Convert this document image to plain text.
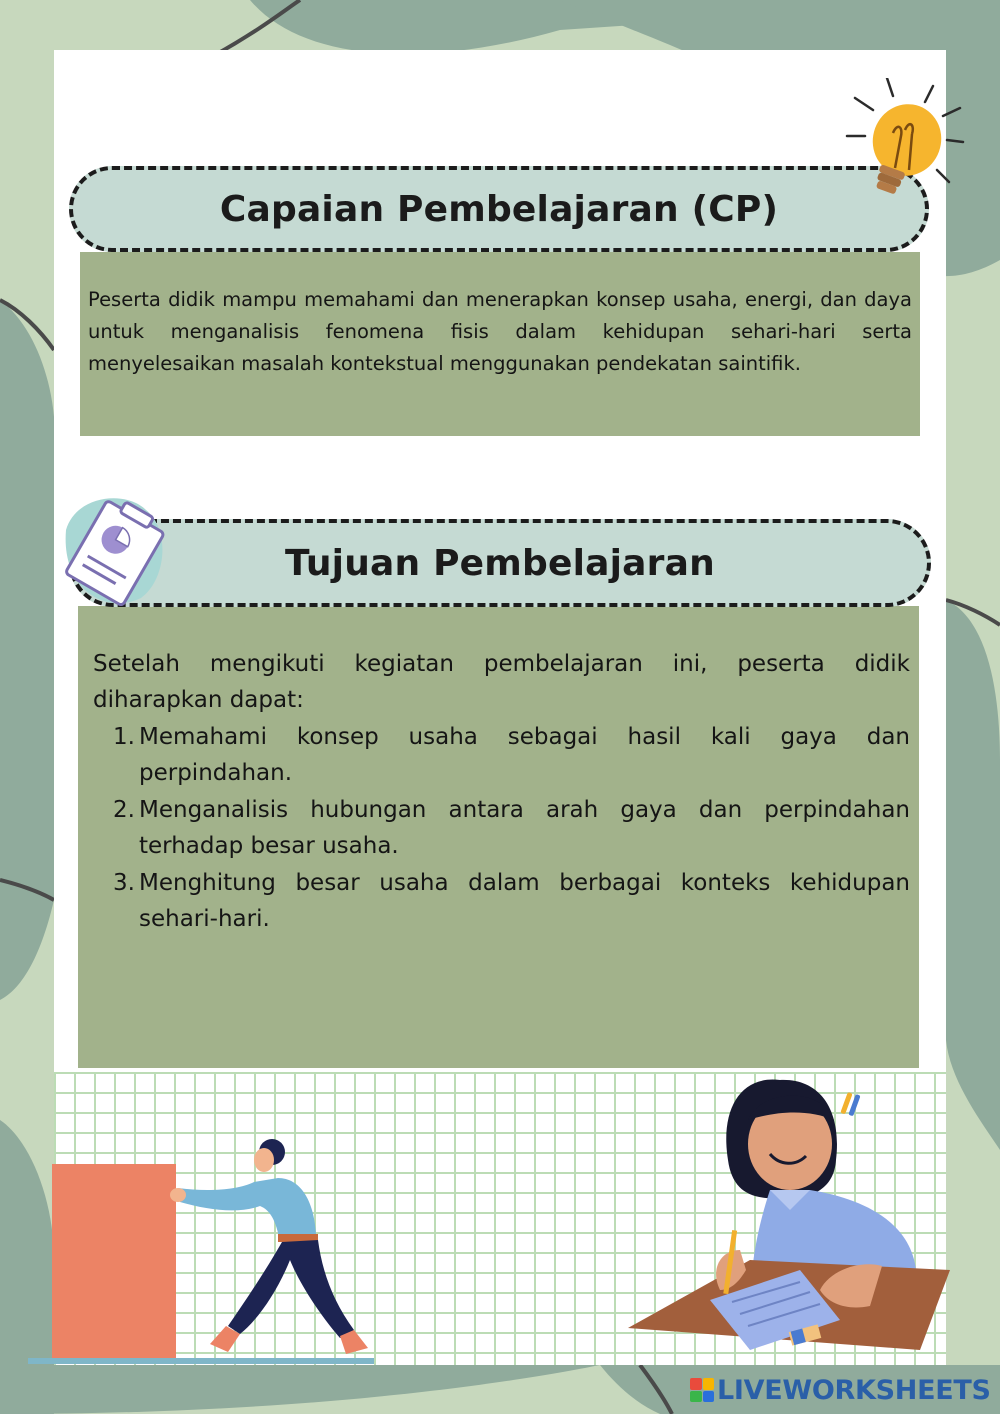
Peserta didik mampu memahami dan menerapkan konsep usaha, energi, dan daya untuk menganalisis fenomena fisis dalam kehidupan sehari-hari serta menyelesaikan masalah kontekstual menggunakan pendekatan saintifik.

Capaian Pembelajaran (CP)

Setelah mengikuti kegiatan pembelajaran ini, peserta didik diharapkan dapat:

1. Memahami konsep usaha sebagai hasil kali gaya dan perpindahan.
2. Menganalisis hubungan antara arah gaya dan perpindahan terhadap besar usaha.
3. Menghitung besar usaha dalam berbagai konteks kehidupan sehari-hari.
Tujuan Pembelajaran
LIVEWORKSHEETS
